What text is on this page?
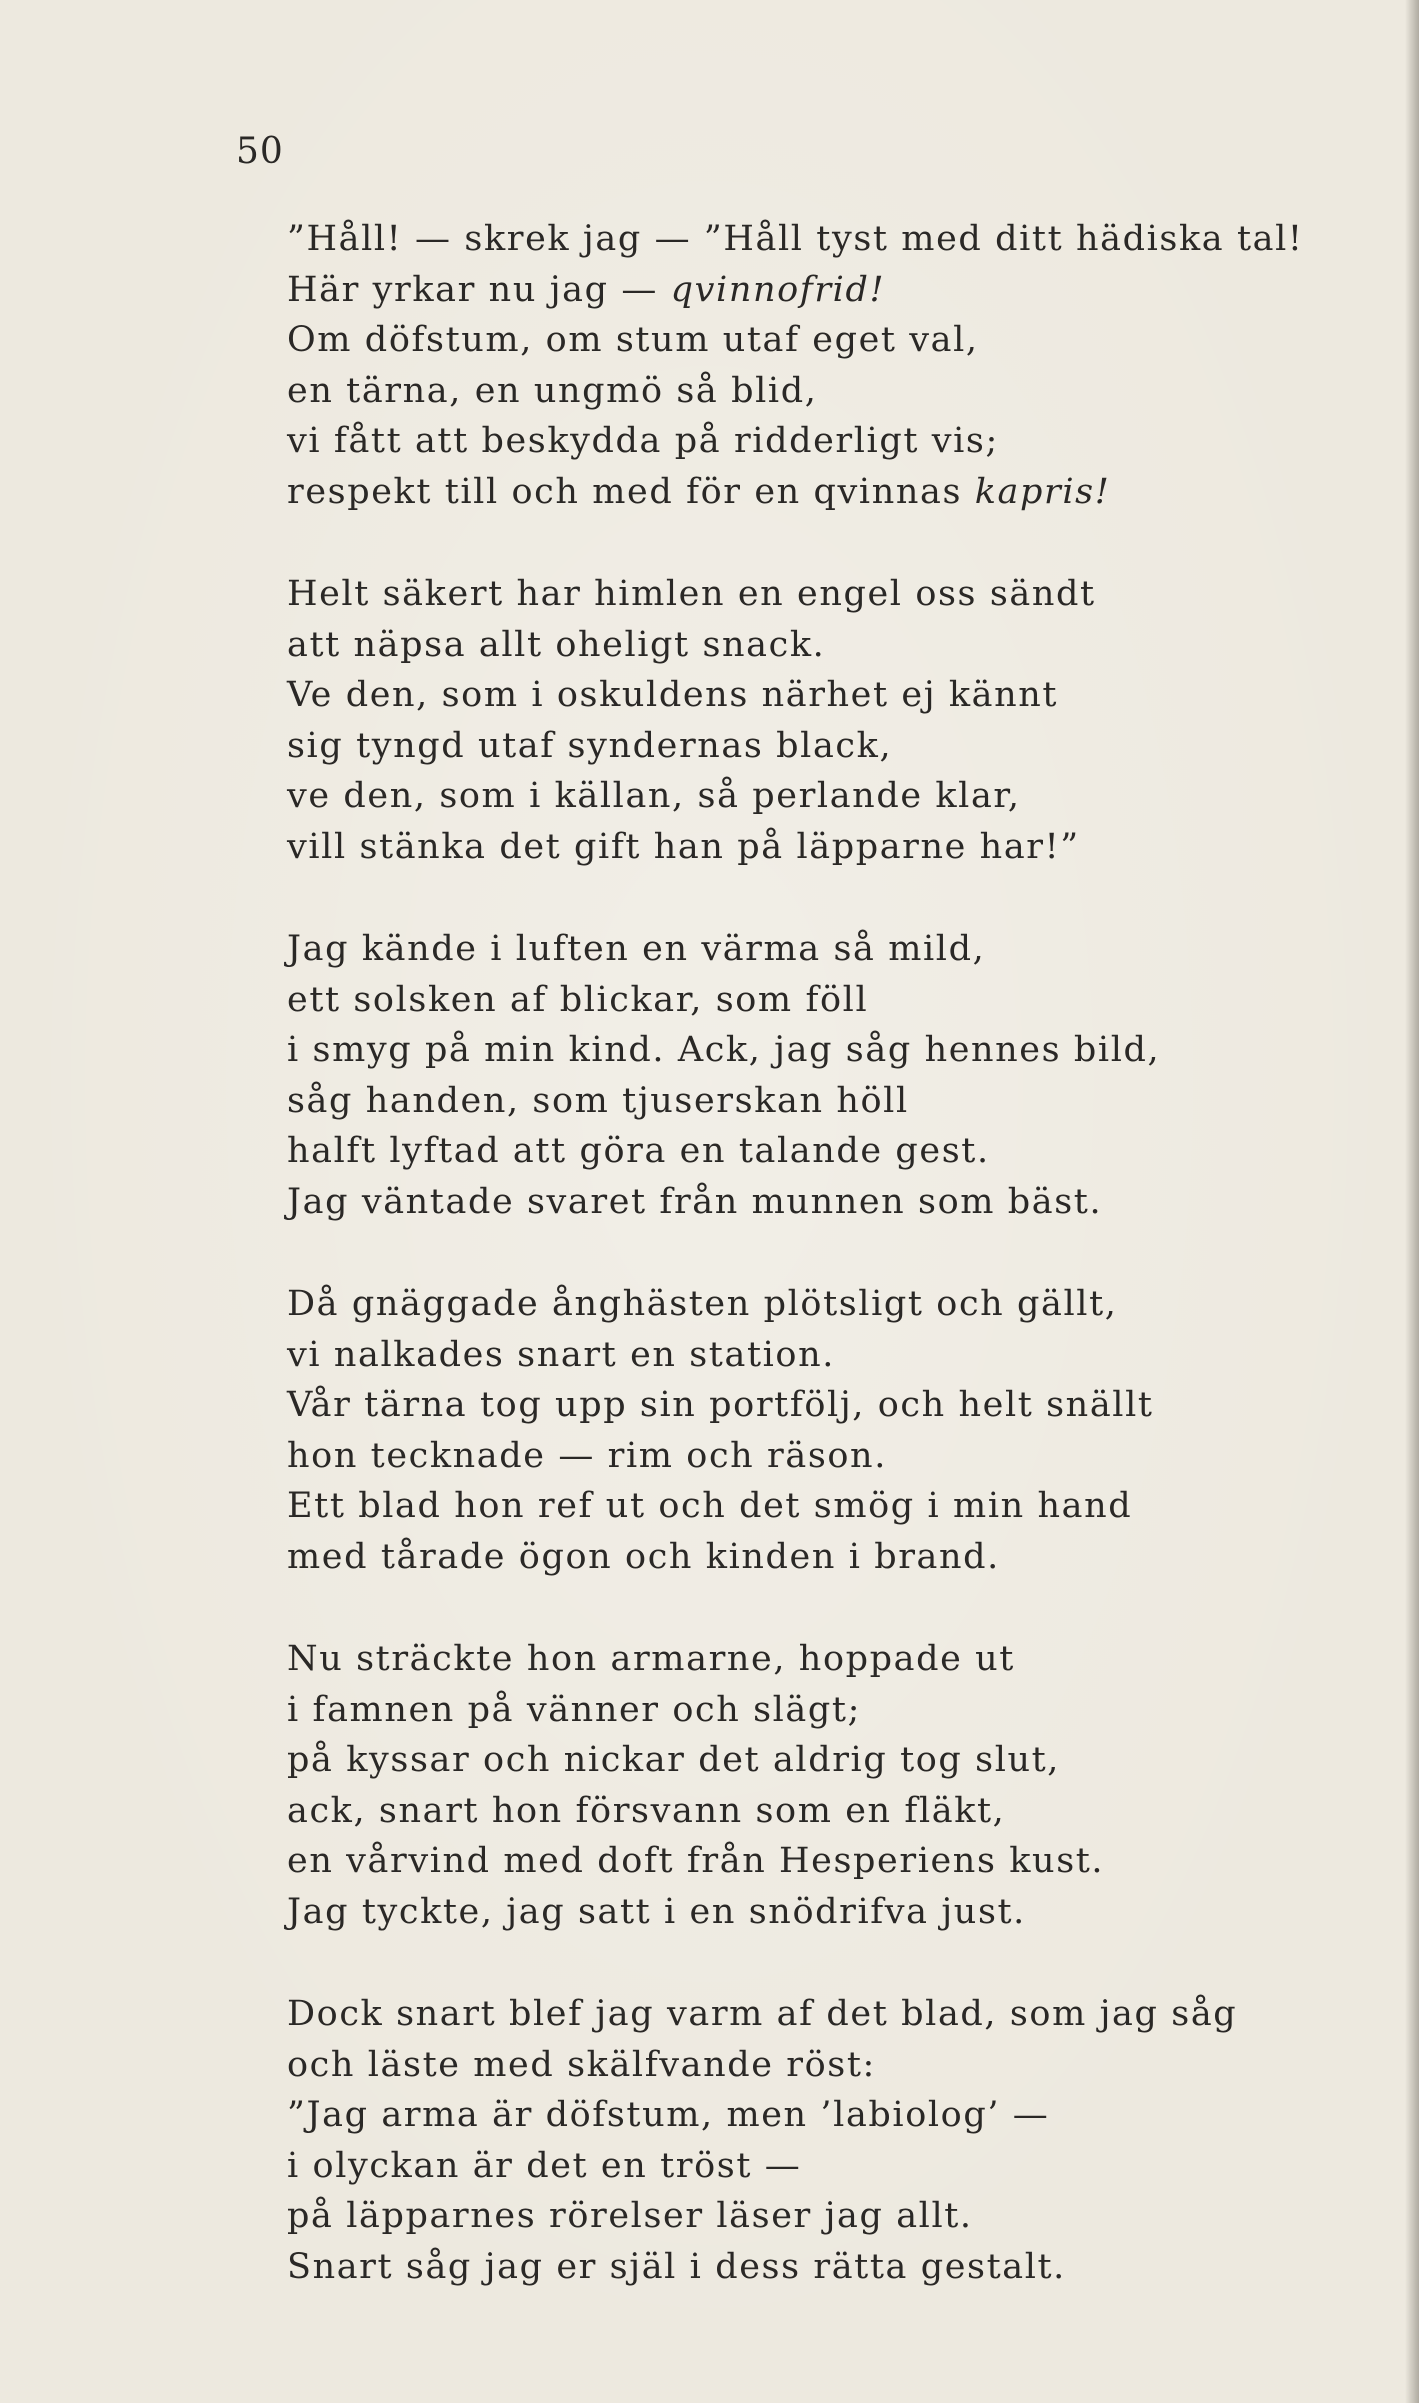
50
”Håll! — skrek jag — ”Håll tyst med ditt hädiska tal!
Här yrkar nu jag — qvinnofrid!
Om döfstum, om stum utaf eget val,
en tärna, en ungmö så blid,
vi fått att beskydda på ridderligt vis;
respekt till och med för en qvinnas kapris!
Helt säkert har himlen en engel oss sändt
att näpsa allt oheligt snack.
Ve den, som i oskuldens närhet ej kännt
sig tyngd utaf syndernas black,
ve den, som i källan, så perlande klar,
vill stänka det gift han på läpparne har!”
Jag kände i luften en värma så mild,
ett solsken af blickar, som föll
i smyg på min kind. Ack, jag såg hennes bild,
såg handen, som tjuserskan höll
halft lyftad att göra en talande gest.
Jag väntade svaret från munnen som bäst.
Då gnäggade ånghästen plötsligt och gällt,
vi nalkades snart en station.
Vår tärna tog upp sin portfölj, och helt snällt
hon tecknade — rim och räson.
Ett blad hon ref ut och det smög i min hand
med tårade ögon och kinden i brand.
Nu sträckte hon armarne, hoppade ut
i famnen på vänner och slägt;
på kyssar och nickar det aldrig tog slut,
ack, snart hon försvann som en fläkt,
en vårvind med doft från Hesperiens kust.
Jag tyckte, jag satt i en snödrifva just.
Dock snart blef jag varm af det blad, som jag såg
och läste med skälfvande röst:
”Jag arma är döfstum, men ’labiolog’ —
i olyckan är det en tröst —
på läpparnes rörelser läser jag allt.
Snart såg jag er själ i dess rätta gestalt.
